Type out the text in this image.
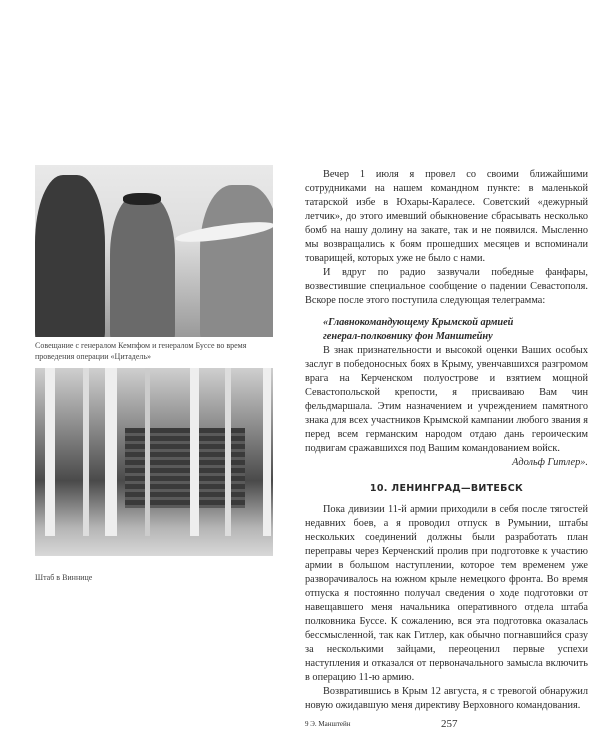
Совещание с генералом Кемпфом и генералом Буссе во время проведения операции «Цитадель»
Штаб в Виннице

Вечер 1 июля я провел со своими ближайшими сотрудниками на нашем командном пункте: в маленькой татарской избе в Юхары-Каралесе. Советский «дежурный летчик», до этого имевший обыкновение сбрасывать несколько бомб на нашу долину на закате, так и не появился. Мысленно мы возвращались к боям прошедших месяцев и вспоминали товарищей, которых уже не было с нами.

И вдруг по радио зазвучали победные фанфары, возвестившие специальное сообщение о падении Севастополя. Вскоре после этого поступила следующая телеграмма:

«Главнокомандующему Крымской армией

генерал-полковнику фон Манштейну

В знак признательности и высокой оценки Ваших особых заслуг в победоносных боях в Крыму, увенчавшихся разгромом врага на Керченском полуострове и взятием мощной Севастопольской крепости, я присваиваю Вам чин фельдмаршала. Этим назначением и учреждением памятного знака для всех участников Крымской кампании любого звания я перед всем германским народом отдаю дань героическим подвигам сражавшихся под Вашим командованием войск.

Адольф Гитлер».

10. ЛЕНИНГРАД—ВИТЕБСК

Пока дивизии 11-й армии приходили в себя после тягостей недавних боев, а я проводил отпуск в Румынии, штабы нескольких соединений должны были разработать план переправы через Керченский пролив при подготовке к участию армии в большом наступлении, которое тем временем уже разворачивалось на южном крыле немецкого фронта. Во время отпуска я постоянно получал сведения о ходе подготовки от навещавшего меня начальника оперативного отдела штаба полковника Буссе. К сожалению, вся эта подготовка оказалась бессмысленной, так как Гитлер, как обычно погнавшийся сразу за несколькими зайцами, переоценил первые успехи наступления и отказался от первоначального замысла включить в операцию 11-ю армию.

Возвратившись в Крым 12 августа, я с тревогой обнаружил новую ожидавшую меня директиву Верховного командования.

9 Э. Манштейн	257
